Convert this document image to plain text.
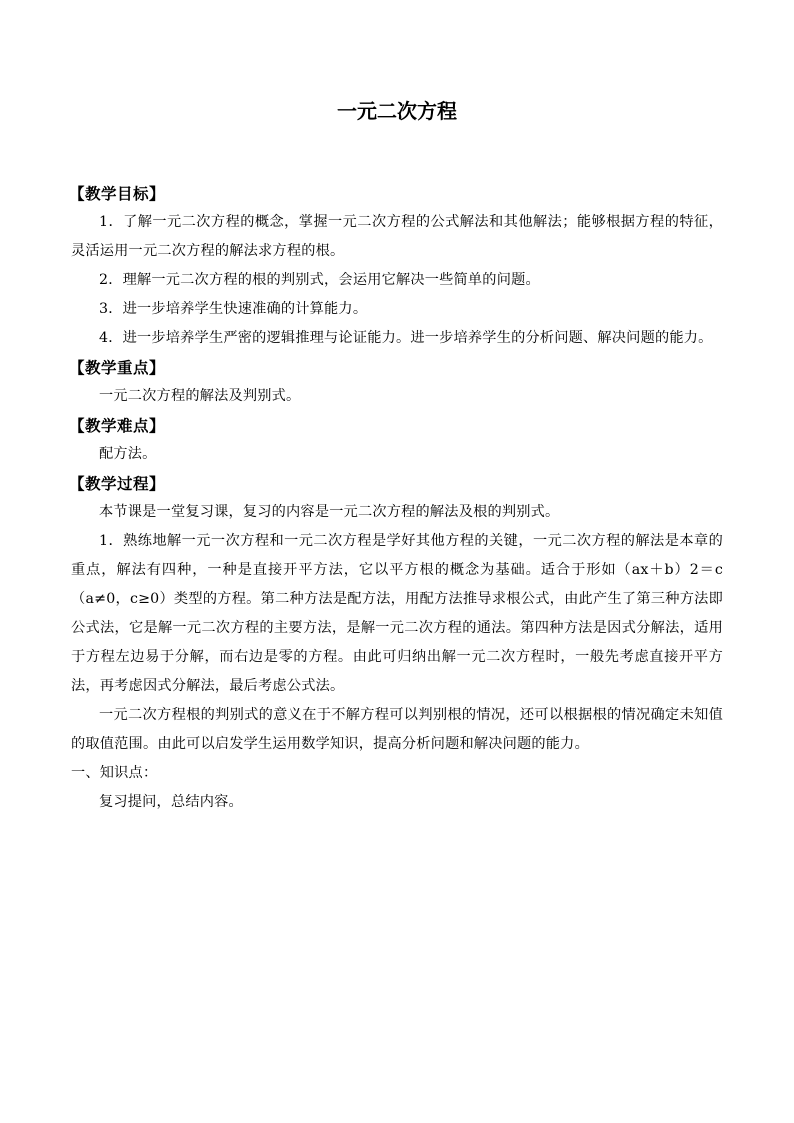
一元二次方程

【教学目标】

1．了解一元二次方程的概念，掌握一元二次方程的公式解法和其他解法；能够根据方程的特征，灵活运用一元二次方程的解法求方程的根。

2．理解一元二次方程的根的判别式，会运用它解决一些简单的问题。

3．进一步培养学生快速准确的计算能力。

4．进一步培养学生严密的逻辑推理与论证能力。进一步培养学生的分析问题、解决问题的能力。

【教学重点】

一元二次方程的解法及判别式。

【教学难点】

配方法。

【教学过程】

本节课是一堂复习课，复习的内容是一元二次方程的解法及根的判别式。

1．熟练地解一元一次方程和一元二次方程是学好其他方程的关键，一元二次方程的解法是本章的重点，解法有四种，一种是直接开平方法，它以平方根的概念为基础。适合于形如（ax＋b）2＝c（a≠0，c≥0）类型的方程。第二种方法是配方法，用配方法推导求根公式，由此产生了第三种方法即公式法，它是解一元二次方程的主要方法，是解一元二次方程的通法。第四种方法是因式分解法，适用于方程左边易于分解，而右边是零的方程。由此可归纳出解一元二次方程时，一般先考虑直接开平方法，再考虑因式分解法，最后考虑公式法。

一元二次方程根的判别式的意义在于不解方程可以判别根的情况，还可以根据根的情况确定未知值的取值范围。由此可以启发学生运用数学知识，提高分析问题和解决问题的能力。

一、知识点：

复习提问，总结内容。
